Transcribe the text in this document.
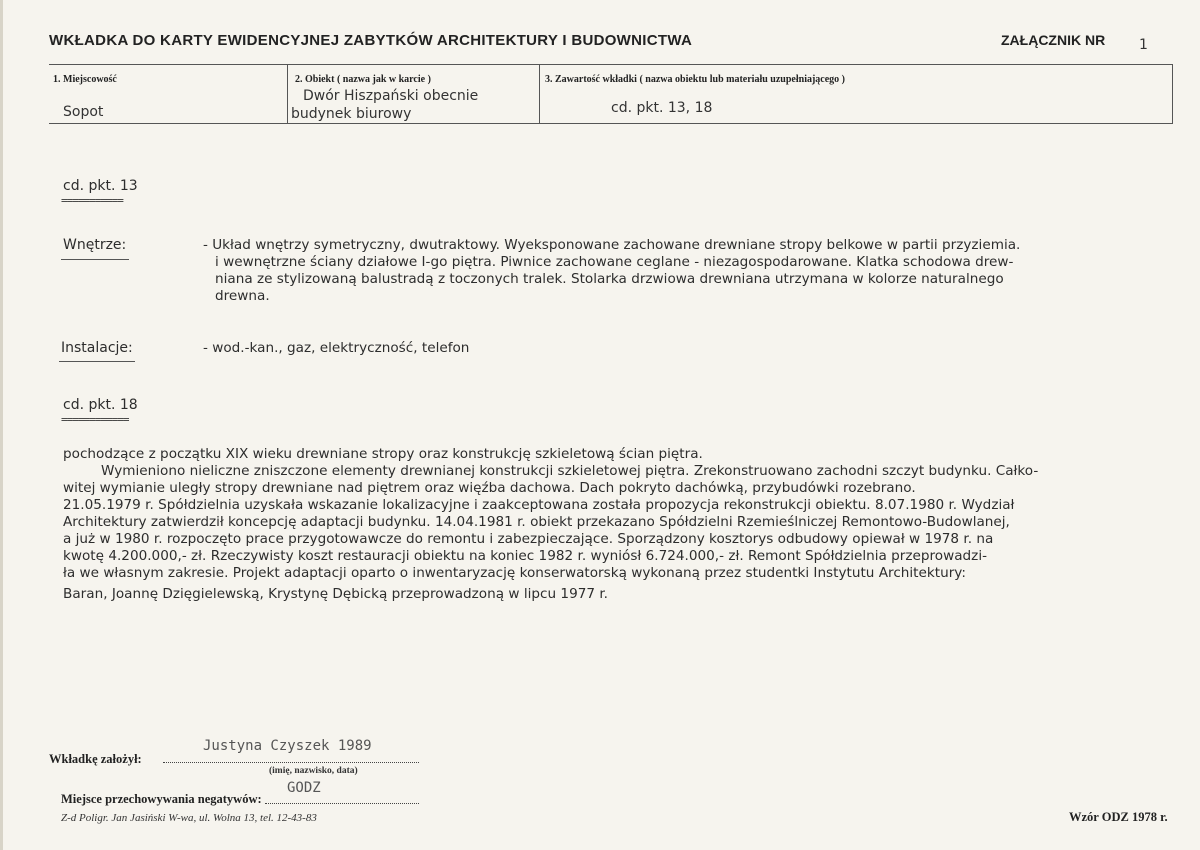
WKŁADKA DO KARTY EWIDENCYJNEJ ZABYTKÓW ARCHITEKTURY I BUDOWNICTWA	ZAŁĄCZNIK NR 1
1. Miejscowość
Sopot
2. Obiekt ( nazwa jak w karcie )
Dwór Hiszpański obecnie
budynek biurowy
3. Zawartość wkładki ( nazwa obiektu lub materiału uzupełniającego )
cd. pkt. 13, 18
cd. pkt. 13
===========
Wnętrze:	- Układ wnętrzy symetryczny, dwutraktowy. Wyeksponowane zachowane drewniane stropy belkowe w partii przyziemia.
i wewnętrzne ściany działowe I-go piętra. Piwnice zachowane ceglane - niezagospodarowane. Klatka schodowa drew-
niana ze stylizowaną balustradą z toczonych tralek. Stolarka drzwiowa drewniana utrzymana w kolorze naturalnego
drewna.
Instalacje:	- wod.-kan., gaz, elektryczność, telefon
cd. pkt. 18
============
pochodzące z początku XIX wieku drewniane stropy oraz konstrukcję szkieletową ścian piętra.
Wymieniono nieliczne zniszczone elementy drewnianej konstrukcji szkieletowej piętra. Zrekonstruowano zachodni szczyt budynku. Całko-
witej wymianie uległy stropy drewniane nad piętrem oraz więźba dachowa. Dach pokryto dachówką, przybudówki rozebrano.
21.05.1979 r. Spółdzielnia uzyskała wskazanie lokalizacyjne i zaakceptowana została propozycja rekonstrukcji obiektu. 8.07.1980 r. Wydział
Architektury zatwierdził koncepcję adaptacji budynku. 14.04.1981 r. obiekt przekazano Spółdzielni Rzemieślniczej Remontowo-Budowlanej,
a już w 1980 r. rozpoczęto prace przygotowawcze do remontu i zabezpieczające. Sporządzony kosztorys odbudowy opiewał w 1978 r. na
kwotę 4.200.000,- zł. Rzeczywisty koszt restauracji obiektu na koniec 1982 r. wyniósł 6.724.000,- zł. Remont Spółdzielnia przeprowadzi-
ła we własnym zakresie. Projekt adaptacji oparto o inwentaryzację konserwatorską wykonaną przez studentki Instytutu Architektury:
Baran, Joannę Dzięgielewską, Krystynę Dębicką przeprowadzoną w lipcu 1977 r.
Wkładkę założył:
Justyna Czyszek 1989
(imię, nazwisko, data)
Miejsce przechowywania negatywów:
GODZ
Z-d Poligr. Jan Jasiński W-wa, ul. Wolna 13, tel. 12-43-83	Wzór ODZ 1978 r.
